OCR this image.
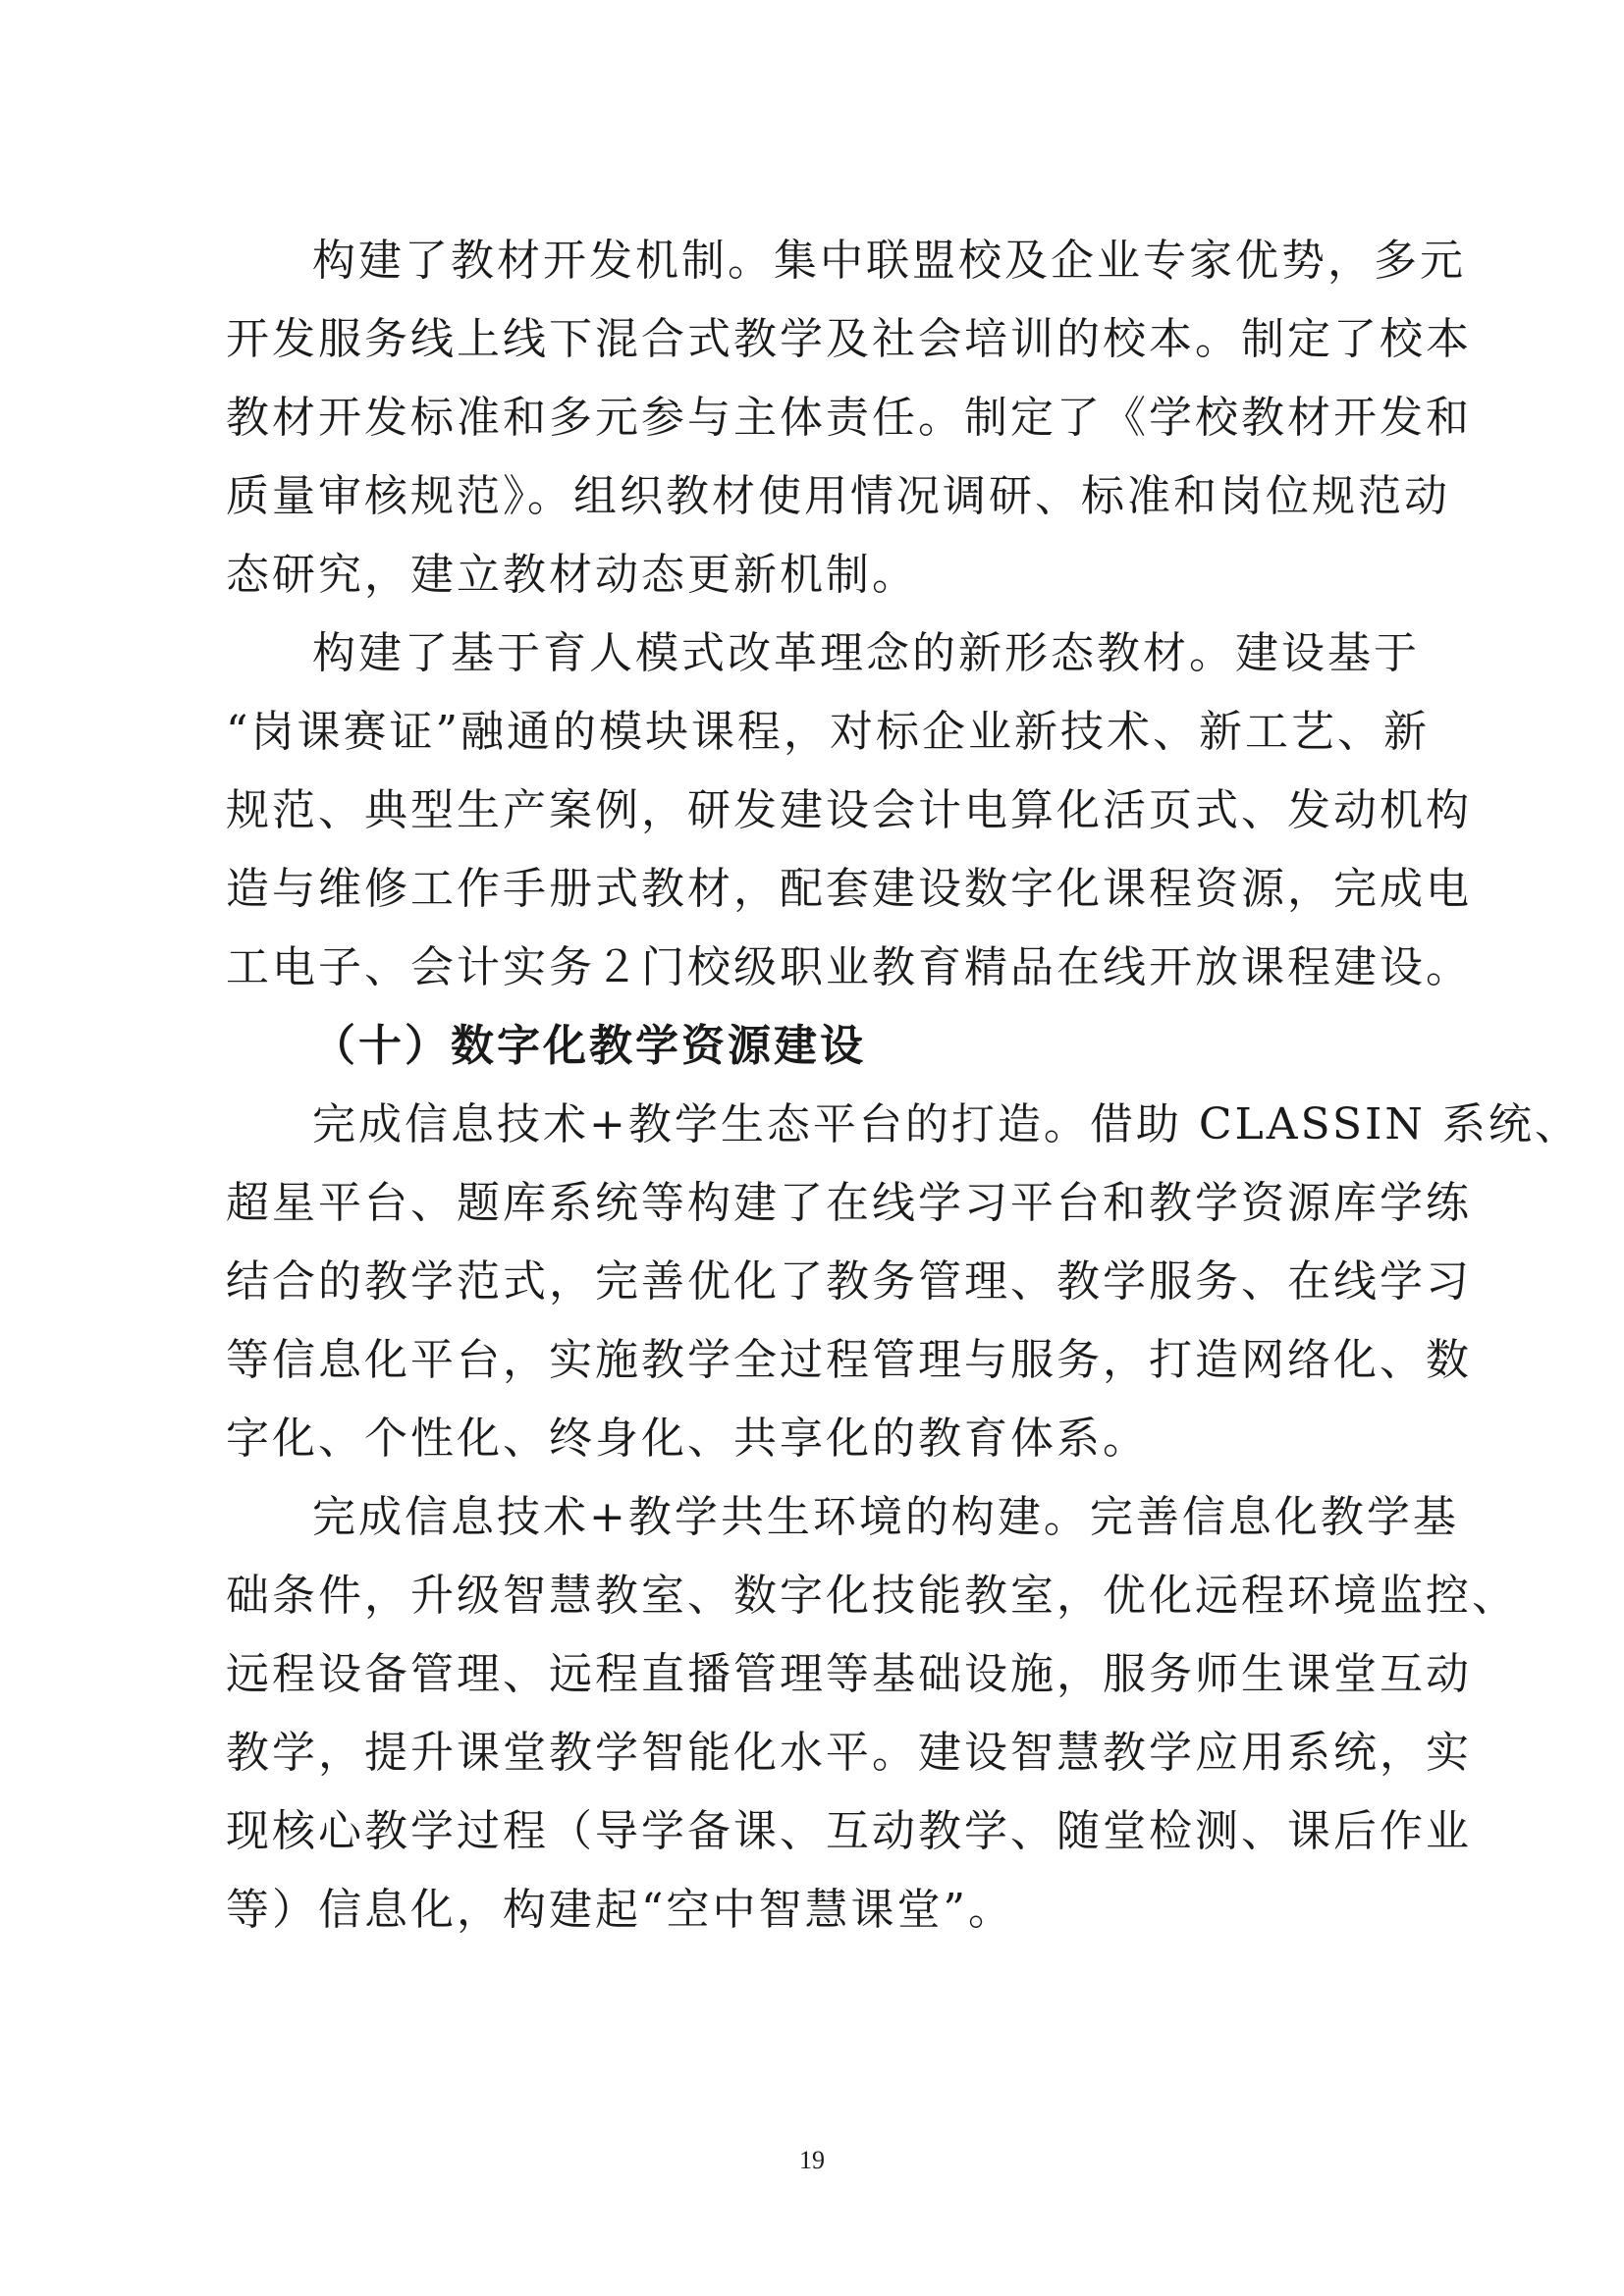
构建了教材开发机制。集中联盟校及企业专家优势，多元
开发服务线上线下混合式教学及社会培训的校本。制定了校本
教材开发标准和多元参与主体责任。制定了《学校教材开发和
质量审核规范》。组织教材使用情况调研、标准和岗位规范动
态研究，建立教材动态更新机制。
构建了基于育人模式改革理念的新形态教材。建设基于
“岗课赛证”融通的模块课程，对标企业新技术、新工艺、新
规范、典型生产案例，研发建设会计电算化活页式、发动机构
造与维修工作手册式教材，配套建设数字化课程资源，完成电
工电子、会计实务２门校级职业教育精品在线开放课程建设。
（十）数字化教学资源建设
完成信息技术+教学生态平台的打造。借助 CLASSIN 系统、
超星平台、题库系统等构建了在线学习平台和教学资源库学练
结合的教学范式，完善优化了教务管理、教学服务、在线学习
等信息化平台，实施教学全过程管理与服务，打造网络化、数
字化、个性化、终身化、共享化的教育体系。
完成信息技术+教学共生环境的构建。完善信息化教学基
础条件，升级智慧教室、数字化技能教室，优化远程环境监控、
远程设备管理、远程直播管理等基础设施，服务师生课堂互动
教学，提升课堂教学智能化水平。建设智慧教学应用系统，实
现核心教学过程（导学备课、互动教学、随堂检测、课后作业
等）信息化，构建起“空中智慧课堂”。
19
